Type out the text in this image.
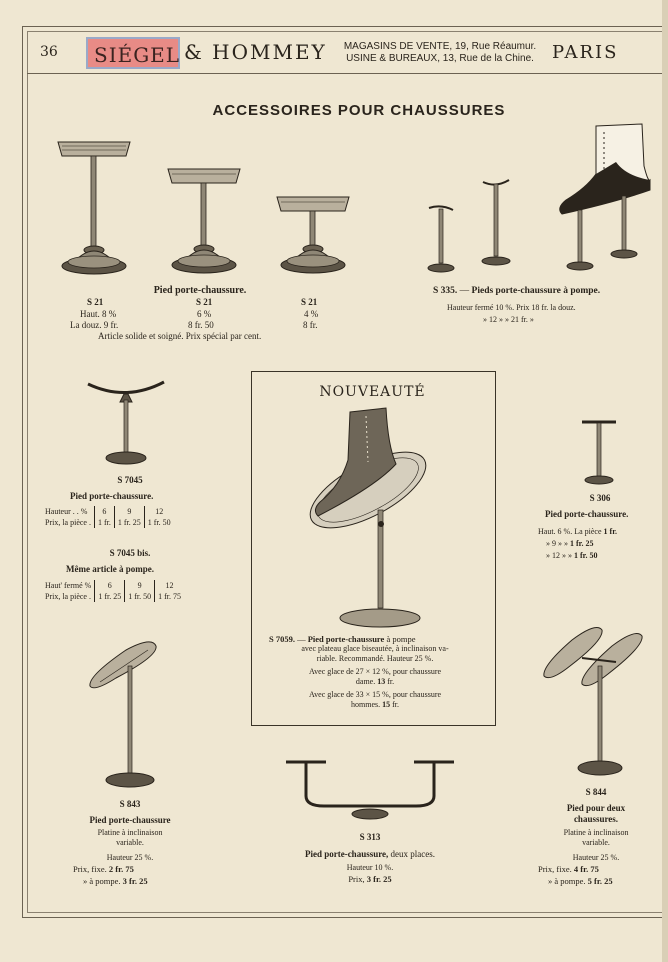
36 SIÉGEL & HOMMEY	MAGASINS DE VENTE, 19, Rue Réaumur.
USINE & BUREAUX, 13, Rue de la Chine.	PARIS
ACCESSOIRES POUR CHAUSSURES
Pied porte-chaussure.
S 21	S 21	S 21
Haut. 8 %	6 %	4 %
La douz. 9 fr.	8 fr. 50	8 fr.
Article solide et soigné. Prix spécial par cent.
S 335. — Pieds porte-chaussure à pompe.
Hauteur fermé 10 %. Prix 18 fr. la douz.
» 12 » » 21 fr. »
S 7045
Pied porte-chaussure.
Hauteur . . %	6	9	12
Prix, la pièce .	1 fr.	1 fr. 25	1 fr. 50
S 7045 bis.
Même article à pompe.
Haut' fermé %	6	9	12
Prix, la pièce .	1 fr. 25	1 fr. 50	1 fr. 75
NOUVEAUTÉ
S 7059. — Pied porte-chaussure à pompe
avec plateau glace biseautée, à inclinaison va-
riable. Recommandé. Hauteur 25 %.
Avec glace de 27 × 12 %, pour chaussure
dame. 13 fr.
Avec glace de 33 × 15 %, pour chaussure
hommes. 15 fr.
S 306
Pied porte-chaussure.
Haut. 6 %. La pièce 1 fr.
» 9 » » 1 fr. 25
» 12 » » 1 fr. 50
S 843
Pied porte-chaussure
Platine à inclinaison
variable.
Hauteur 25 %.
Prix, fixe. 2 fr. 75
» à pompe. 3 fr. 25
S 313
Pied porte-chaussure, deux places.
Hauteur 10 %.
Prix, 3 fr. 25
S 844
Pied pour deux
chaussures.
Platine à inclinaison
variable.
Hauteur 25 %.
Prix, fixe. 4 fr. 75
» à pompe. 5 fr. 25
